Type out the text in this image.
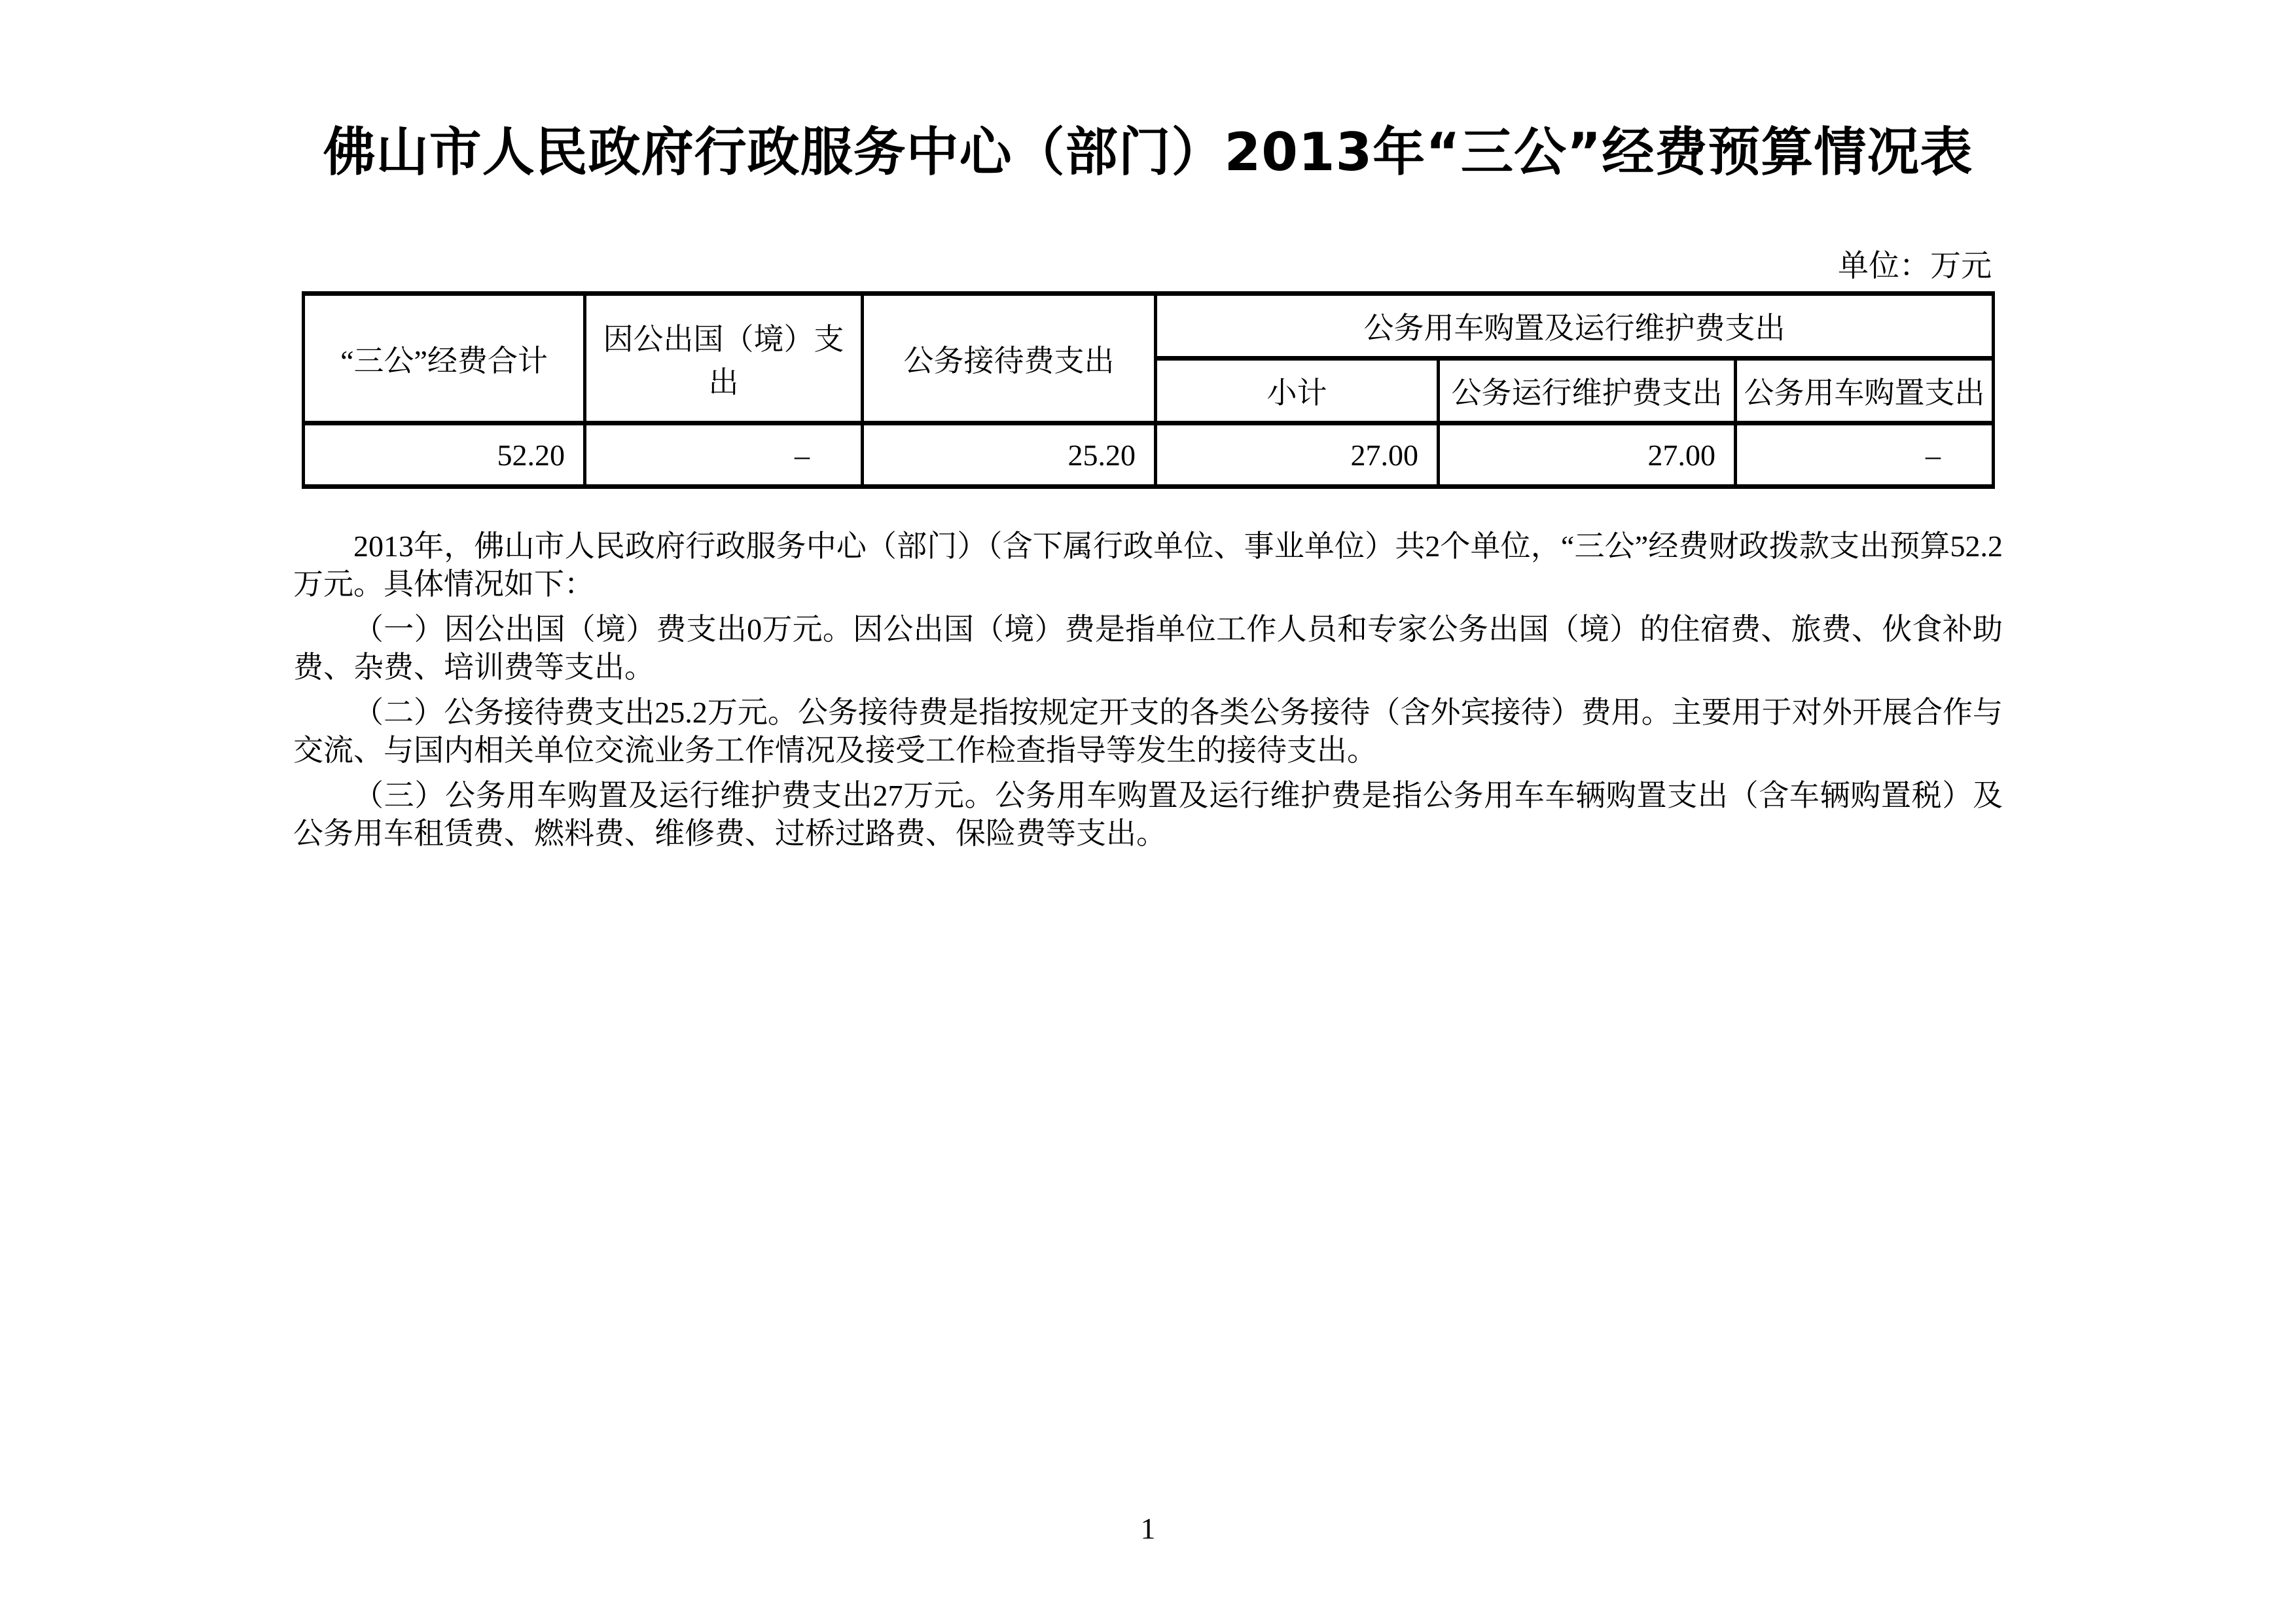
佛山市人民政府行政服务中心（部门）2013年“三公”经费预算情况表
单位：万元
“三公”经费合计	因公出国（境）支出	公务接待费支出	公务用车购置及运行维护费支出		
			小计	公务运行维护费支出	公务用车购置支出
52.20	–	25.20	27.00	27.00	–

2013年，佛山市人民政府行政服务中心（部门）（含下属行政单位、事业单位）共2个单位，“三公”经费财政拨款支出预算52.2万元。具体情况如下：

（一）因公出国（境）费支出0万元。因公出国（境）费是指单位工作人员和专家公务出国（境）的住宿费、旅费、伙食补助费、杂费、培训费等支出。

（二）公务接待费支出25.2万元。公务接待费是指按规定开支的各类公务接待（含外宾接待）费用。主要用于对外开展合作与交流、与国内相关单位交流业务工作情况及接受工作检查指导等发生的接待支出。

（三）公务用车购置及运行维护费支出27万元。公务用车购置及运行维护费是指公务用车车辆购置支出（含车辆购置税）及公务用车租赁费、燃料费、维修费、过桥过路费、保险费等支出。

1
